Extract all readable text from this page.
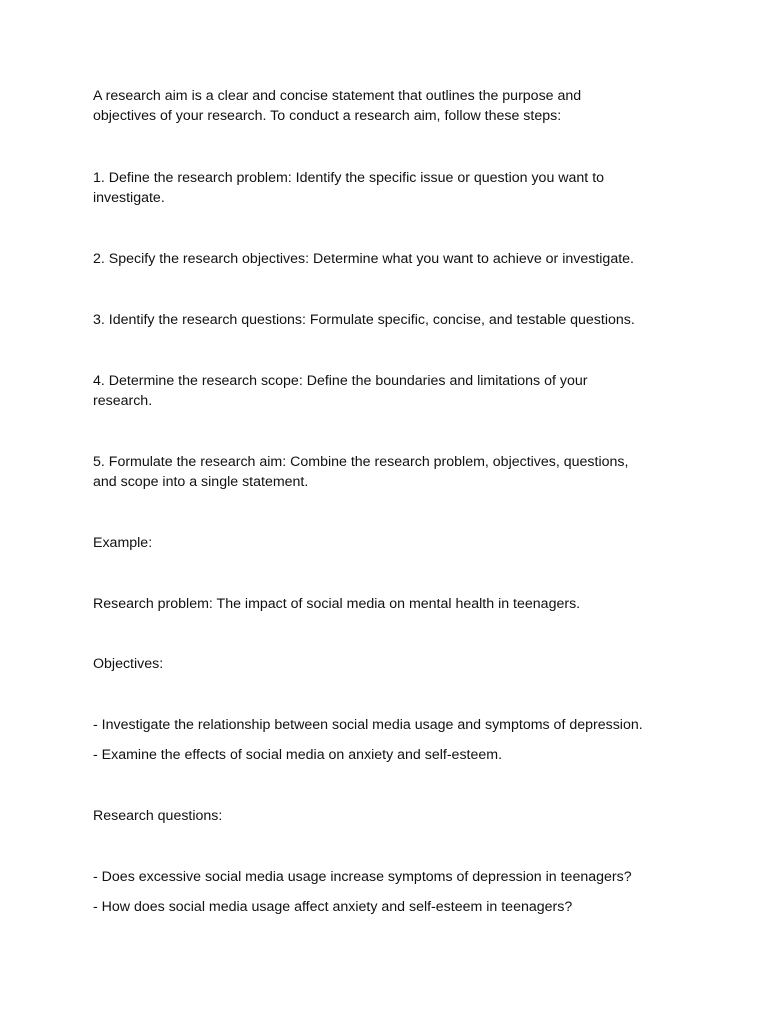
A research aim is a clear and concise statement that outlines the purpose and
objectives of your research. To conduct a research aim, follow these steps:
1. Define the research problem: Identify the specific issue or question you want to
investigate.
2. Specify the research objectives: Determine what you want to achieve or investigate.
3. Identify the research questions: Formulate specific, concise, and testable questions.
4. Determine the research scope: Define the boundaries and limitations of your
research.
5. Formulate the research aim: Combine the research problem, objectives, questions,
and scope into a single statement.
Example:
Research problem: The impact of social media on mental health in teenagers.
Objectives:
- Investigate the relationship between social media usage and symptoms of depression.
- Examine the effects of social media on anxiety and self-esteem.
Research questions:
- Does excessive social media usage increase symptoms of depression in teenagers?
- How does social media usage affect anxiety and self-esteem in teenagers?
